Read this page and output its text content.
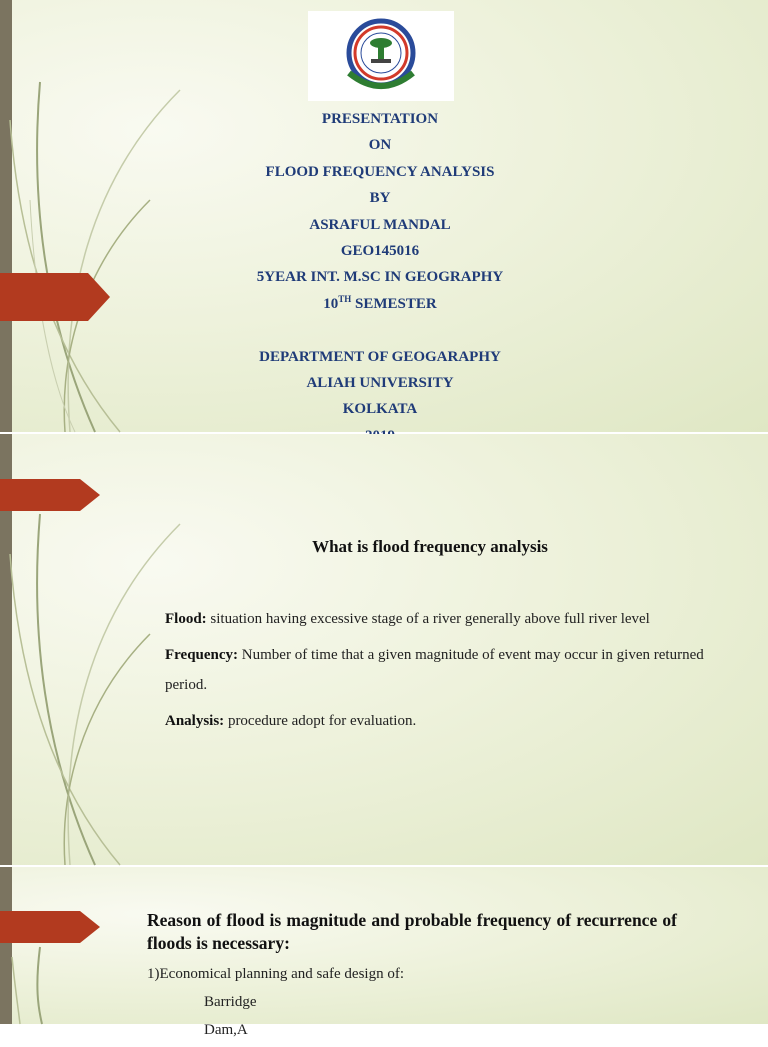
PRESENTATION
ON
FLOOD FREQUENCY ANALYSIS
BY
ASRAFUL MANDAL
GEO145016
5YEAR INT. M.SC IN GEOGRAPHY
10TH SEMESTER
DEPARTMENT OF GEOGARAPHY
ALIAH UNIVERSITY
KOLKATA
What is flood frequency analysis

Flood: situation having excessive stage of a river generally above full river level

Frequency: Number of time that a given magnitude of event may occur in given returned period.

Analysis: procedure adopt for evaluation.

Reason of flood is magnitude and probable frequency of recurrence of floods is necessary:
1)Economical planning and safe design of:
Barridge
Dam,A
